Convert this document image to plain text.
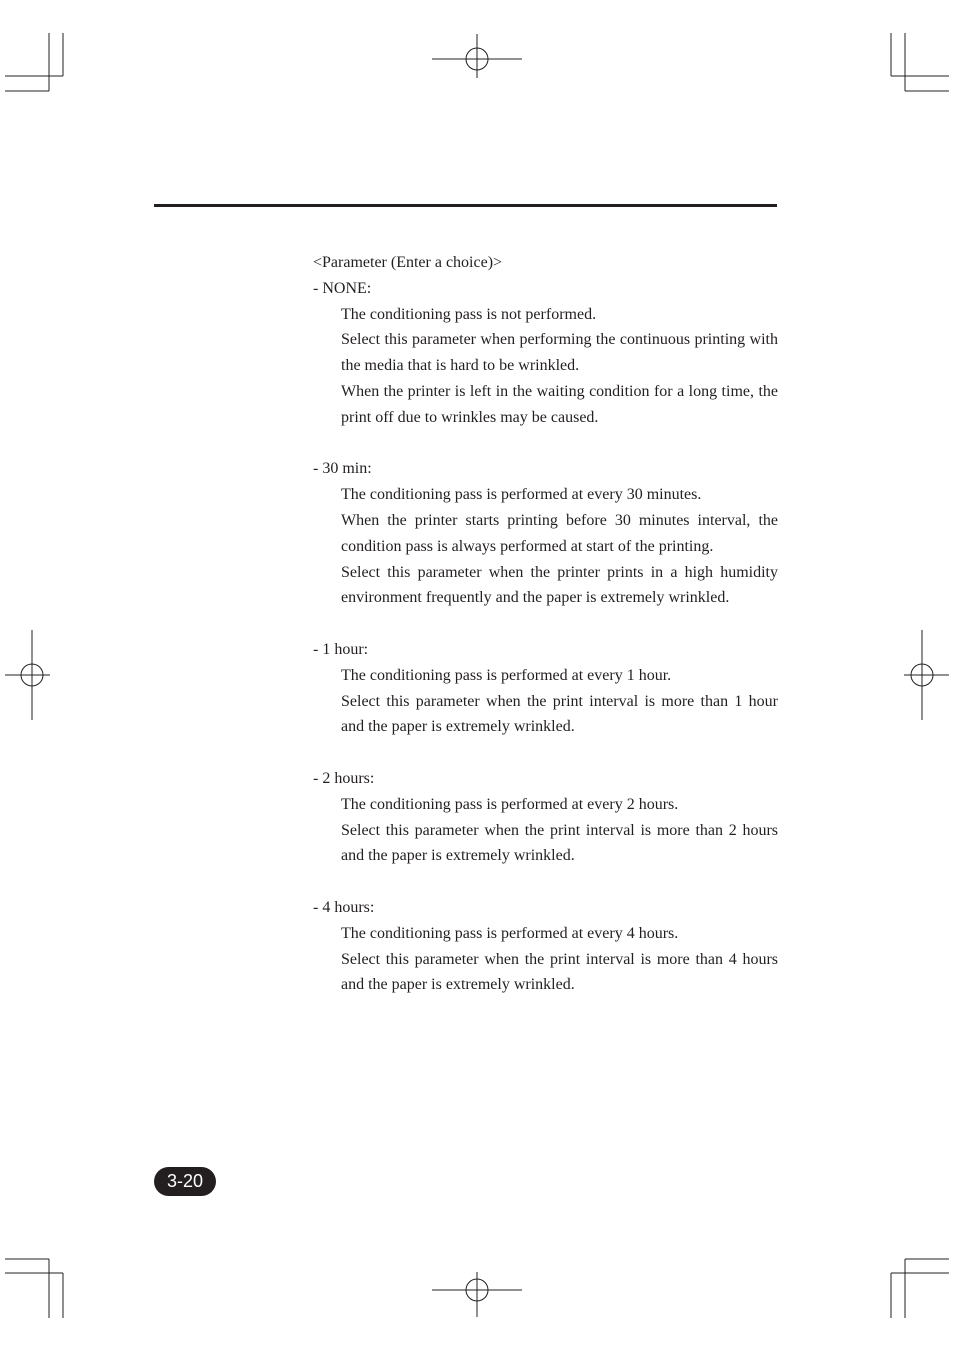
<Parameter (Enter a choice)>
- NONE:
The conditioning pass is not performed.
Select this parameter when performing the continuous printing with the media that is hard to be wrinkled.
When the printer is left in the waiting condition for a long time, the print off due to wrinkles may be caused.
- 30 min:
The conditioning pass is performed at every 30 minutes.
When the printer starts printing before 30 minutes interval, the condition pass is always performed at start of the printing.
Select this parameter when the printer prints in a high humidity environment frequently and the paper is extremely wrinkled.
- 1 hour:
The conditioning pass is performed at every 1 hour.
Select this parameter when the print interval is more than 1 hour and the paper is extremely wrinkled.
- 2 hours:
The conditioning pass is performed at every 2 hours.
Select this parameter when the print interval is more than 2 hours and the paper is extremely wrinkled.
- 4 hours:
The conditioning pass is performed at every 4 hours.
Select this parameter when the print interval is more than 4 hours and the paper is extremely wrinkled.
3-20
